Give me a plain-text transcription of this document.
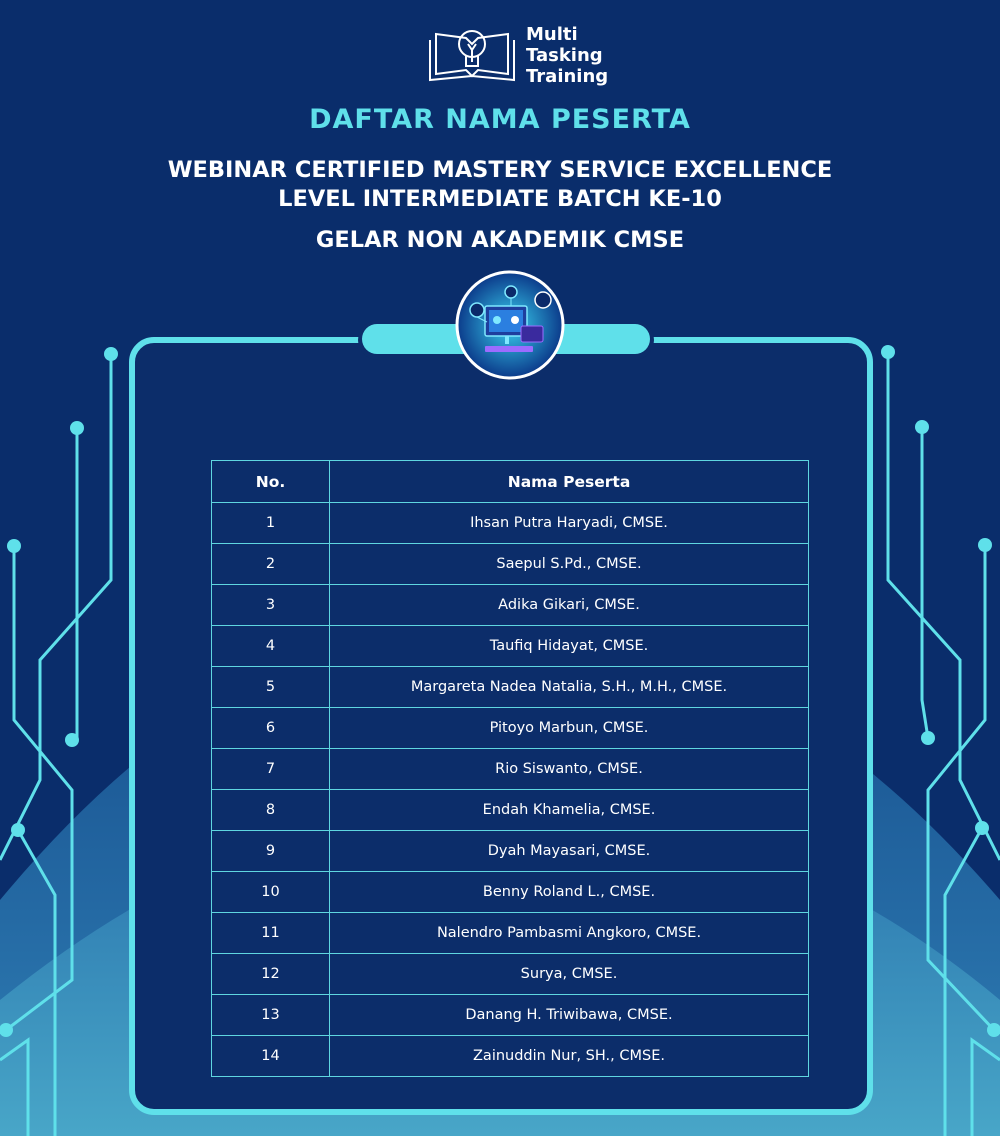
Multi
Tasking
Training
DAFTAR NAMA PESERTA
WEBINAR CERTIFIED MASTERY SERVICE EXCELLENCE
LEVEL INTERMEDIATE BATCH KE-10
GELAR NON AKADEMIK CMSE
No.	Nama Peserta
1	Ihsan Putra Haryadi, CMSE.
2	Saepul S.Pd., CMSE.
3	Adika Gikari, CMSE.
4	Taufiq Hidayat, CMSE.
5	Margareta Nadea Natalia, S.H., M.H., CMSE.
6	Pitoyo Marbun, CMSE.
7	Rio Siswanto, CMSE.
8	Endah Khamelia, CMSE.
9	Dyah Mayasari, CMSE.
10	Benny Roland L., CMSE.
11	Nalendro Pambasmi Angkoro, CMSE.
12	Surya, CMSE.
13	Danang H. Triwibawa, CMSE.
14	Zainuddin Nur, SH., CMSE.
